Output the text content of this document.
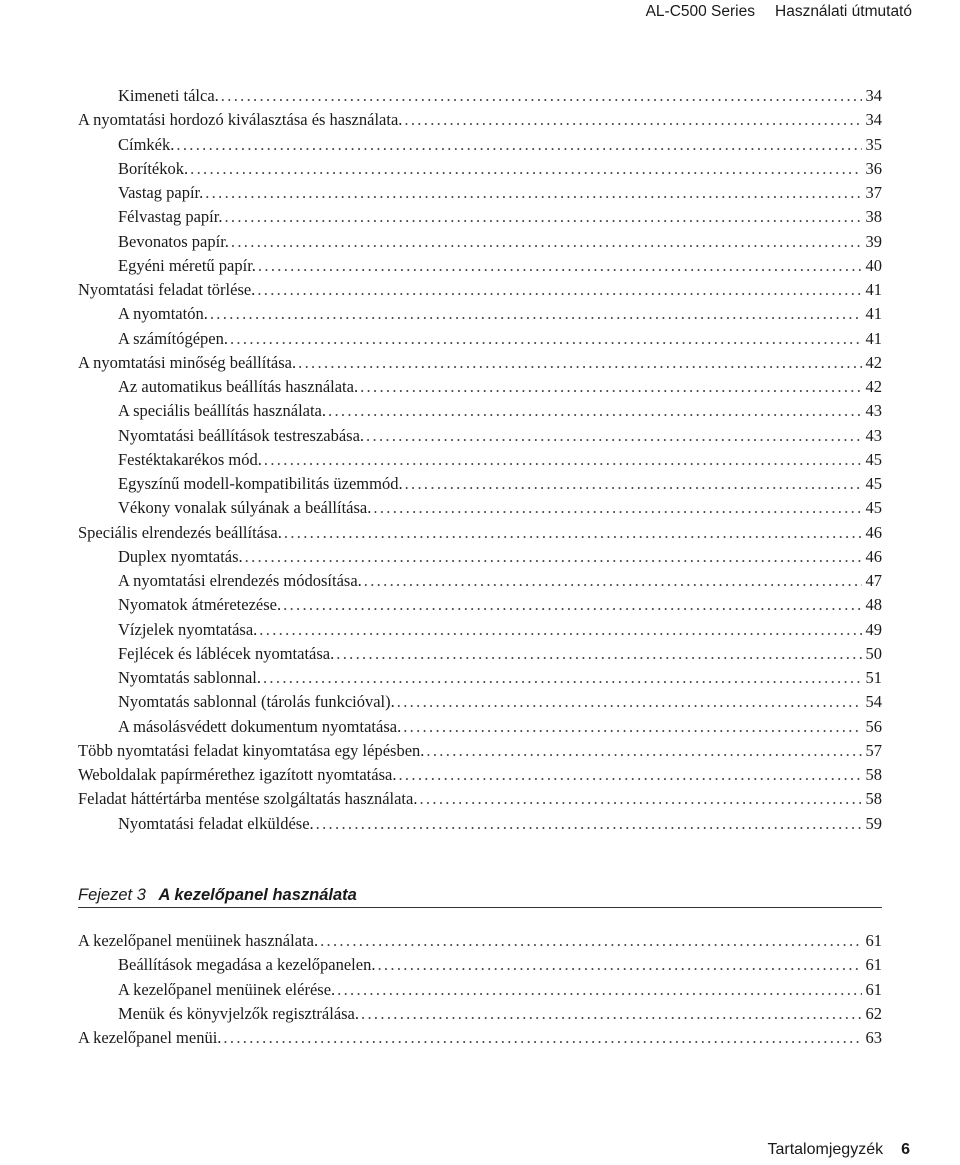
AL-C500 Series Használati útmutató
Kimeneti tálca. . . .	34
A nyomtatási hordozó kiválasztása és használata. . . .	34
Címkék. . . .	35
Borítékok. . . .	36
Vastag papír. . . .	37
Félvastag papír. . . .	38
Bevonatos papír. . . .	39
Egyéni méretű papír. . . .	40
Nyomtatási feladat törlése. . . .	41
A nyomtatón. . . .	41
A számítógépen. . . .	41
A nyomtatási minőség beállítása. . . .	42
Az automatikus beállítás használata. . . .	42
A speciális beállítás használata. . . .	43
Nyomtatási beállítások testreszabása. . . .	43
Festéktakarékos mód. . . .	45
Egyszínű modell-kompatibilitás üzemmód. . . .	45
Vékony vonalak súlyának a beállítása. . . .	45
Speciális elrendezés beállítása. . . .	46
Duplex nyomtatás. . . .	46
A nyomtatási elrendezés módosítása. . . .	47
Nyomatok átméretezése. . . .	48
Vízjelek nyomtatása. . . .	49
Fejlécek és láblécek nyomtatása. . . .	50
Nyomtatás sablonnal. . . .	51
Nyomtatás sablonnal (tárolás funkcióval). . . .	54
A másolásvédett dokumentum nyomtatása. . . .	56
Több nyomtatási feladat kinyomtatása egy lépésben. . . .	57
Weboldalak papírmérethez igazított nyomtatása. . . .	58
Feladat háttértárba mentése szolgáltatás használata. . . .	58
Nyomtatási feladat elküldése. . . .	59
Fejezet 3 A kezelőpanel használata
A kezelőpanel menüinek használata. . . .	61
Beállítások megadása a kezelőpanelen. . . .	61
A kezelőpanel menüinek elérése. . . .	61
Menük és könyvjelzők regisztrálása. . . .	62
A kezelőpanel menüi. . . .	63
Tartalomjegyzék 6
